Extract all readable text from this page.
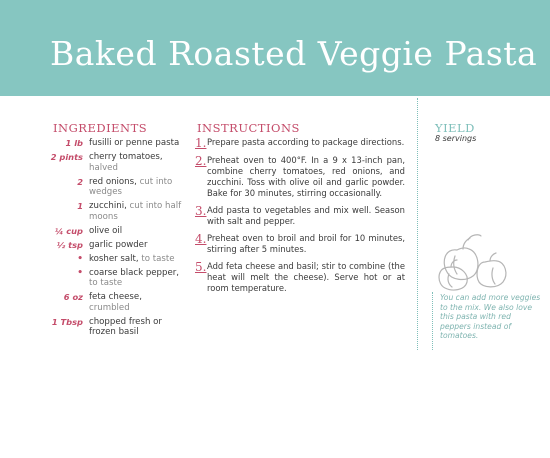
Baked Roasted Veggie Pasta
INGREDIENTS
1 lb fusilli or penne pasta
2 pints cherry tomatoes,
halved
2 red onions, cut into wedges
1 zucchini, cut into half moons
¼ cup olive oil
½ tsp garlic powder
• kosher salt, to taste
• coarse black pepper,
to taste
6 oz feta cheese, crumbled
1 Tbsp chopped fresh or frozen basil
INSTRUCTIONS
1. Prepare pasta according to package directions.
2. Preheat oven to 400°F. In a 9 x 13-inch pan, combine cherry tomatoes, red onions, and zucchini. Toss with olive oil and garlic powder. Bake for 30 minutes, stirring occasionally.
3. Add pasta to vegetables and mix well. Season with salt and pepper.
4. Preheat oven to broil and broil for 10 minutes, stirring after 5 minutes.
5. Add feta cheese and basil; stir to combine (the heat will melt the cheese). Serve hot or at room temperature.
YIELD
8 servings
You can add more veggies to the mix. We also love this pasta with red peppers instead of tomatoes.
